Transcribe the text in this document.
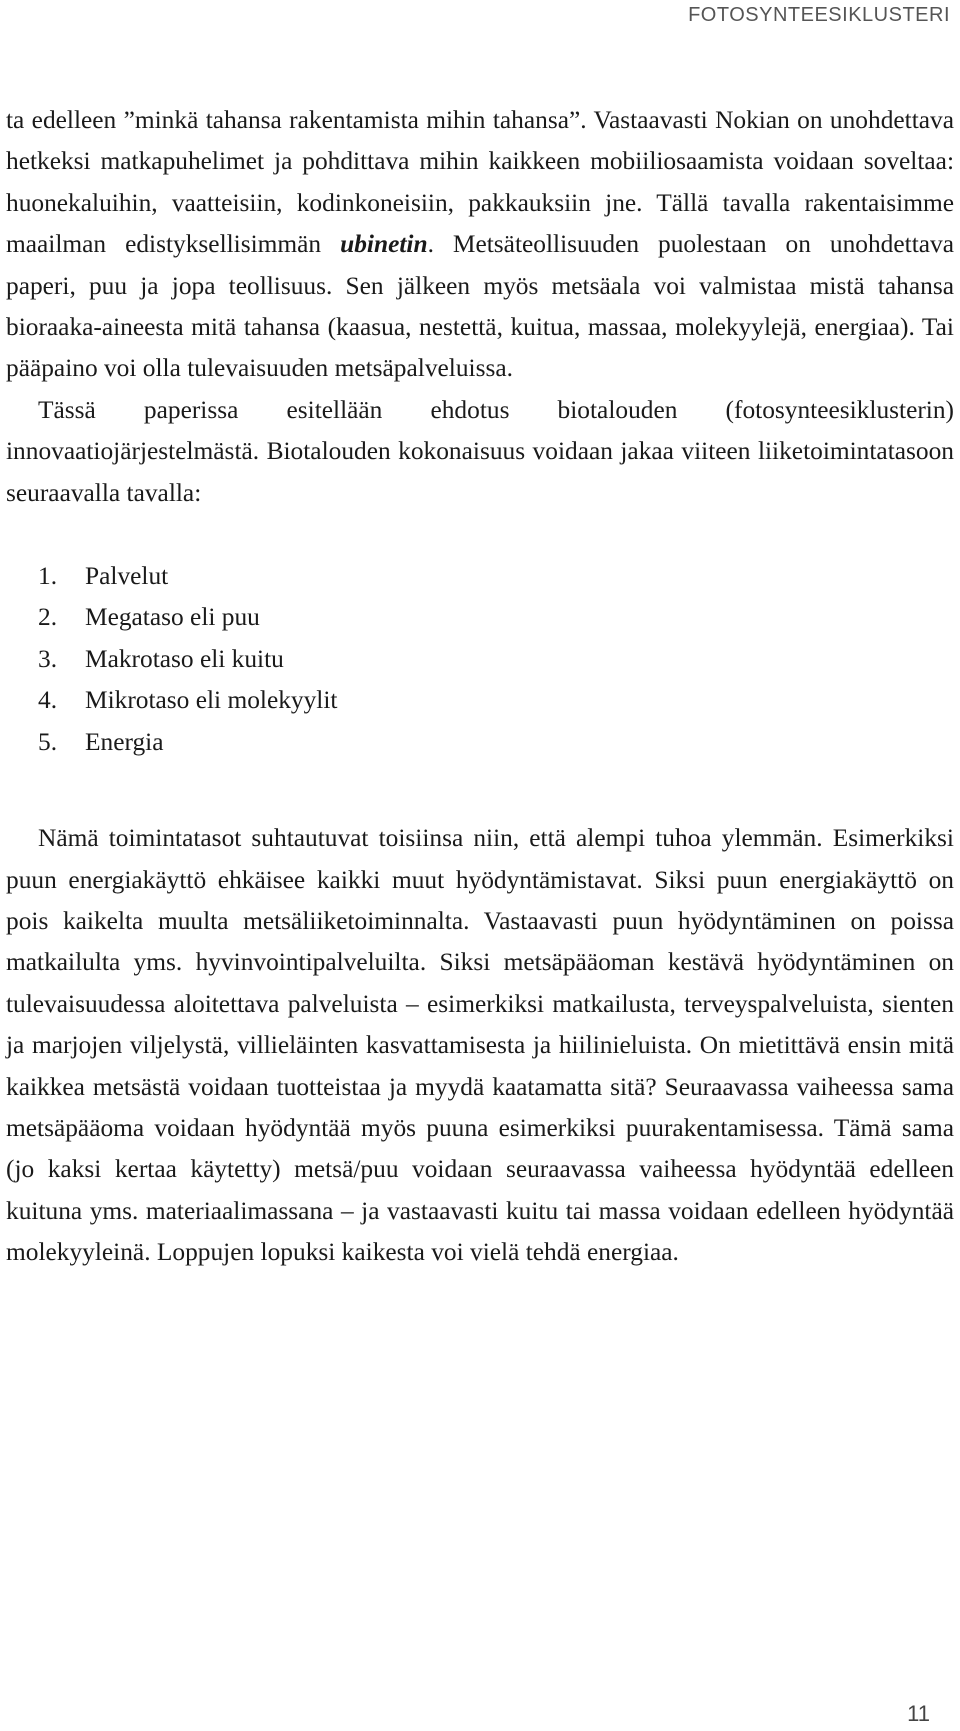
FOTOSYNTEESIKLUSTERI

ta edelleen ”minkä tahansa rakentamista mihin tahansa”. Vastaavasti Nokian on unohdettava hetkeksi matkapuhelimet ja pohdittava mihin kaikkeen mobiiliosaamista voidaan soveltaa: huonekaluihin, vaatteisiin, kodinkoneisiin, pakkauksiin jne. Tällä tavalla rakentaisimme maailman edistyksellisimmän ubinetin. Metsäteollisuuden puolestaan on unohdettava paperi, puu ja jopa teollisuus. Sen jälkeen myös metsäala voi valmistaa mistä tahansa bioraaka-aineesta mitä tahansa (kaasua, nestettä, kuitua, massaa, molekyylejä, energiaa). Tai pääpaino voi olla tulevaisuuden metsäpalveluissa.

Tässä paperissa esitellään ehdotus biotalouden (fotosynteesiklusterin) innovaatiojärjestelmästä. Biotalouden kokonaisuus voidaan jakaa viiteen liiketoimintatasoon seuraavalla tavalla:

1.	Palvelut
2.	Megataso eli puu
3.	Makrotaso eli kuitu
4.	Mikrotaso eli molekyylit
5.	Energia

Nämä toimintatasot suhtautuvat toisiinsa niin, että alempi tuhoa ylemmän. Esimerkiksi puun energiakäyttö ehkäisee kaikki muut hyödyntämistavat. Siksi puun energiakäyttö on pois kaikelta muulta metsäliiketoiminnalta. Vastaavasti puun hyödyntäminen on poissa matkailulta yms. hyvinvointipalveluilta. Siksi metsäpääoman kestävä hyödyntäminen on tulevaisuudessa aloitettava palveluista – esimerkiksi matkailusta, terveyspalveluista, sienten ja marjojen viljelystä, villieläinten kasvattamisesta ja hiilinieluista. On mietittävä ensin mitä kaikkea metsästä voidaan tuotteistaa ja myydä kaatamatta sitä? Seuraavassa vaiheessa sama metsäpääoma voidaan hyödyntää myös puuna esimerkiksi puurakentamisessa. Tämä sama (jo kaksi kertaa käytetty) metsä/puu voidaan seuraavassa vaiheessa hyödyntää edelleen kuituna yms. materiaalimassana – ja vastaavasti kuitu tai massa voidaan edelleen hyödyntää molekyyleinä. Loppujen lopuksi kaikesta voi vielä tehdä energiaa.

11
